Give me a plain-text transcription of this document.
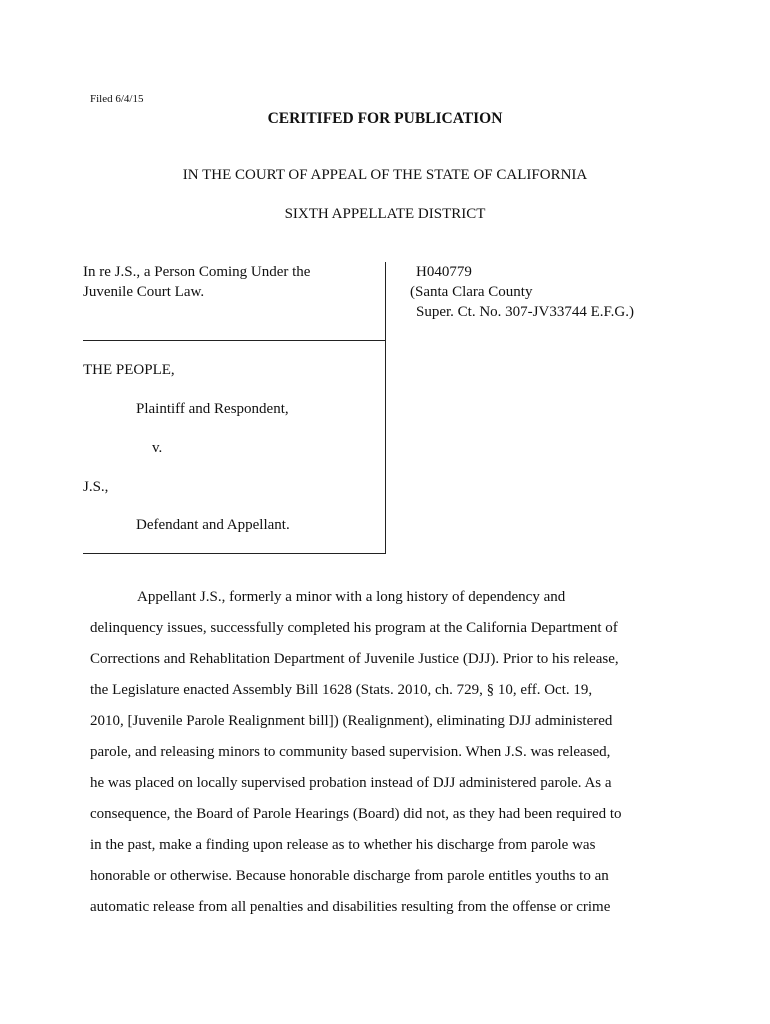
Filed 6/4/15
CERITIFED FOR PUBLICATION
IN THE COURT OF APPEAL OF THE STATE OF CALIFORNIA
SIXTH APPELLATE DISTRICT
In re J.S., a Person Coming Under the
Juvenile Court Law.
THE PEOPLE,
Plaintiff and Respondent,
v.
J.S.,
Defendant and Appellant.
H040779
(Santa Clara County
Super. Ct. No. 307-JV33744 E.F.G.)
Appellant J.S., formerly a minor with a long history of dependency and
delinquency issues, successfully completed his program at the California Department of
Corrections and Rehablitation Department of Juvenile Justice (DJJ). Prior to his release,
the Legislature enacted Assembly Bill 1628 (Stats. 2010, ch. 729, § 10, eff. Oct. 19,
2010, [Juvenile Parole Realignment bill]) (Realignment), eliminating DJJ administered
parole, and releasing minors to community based supervision. When J.S. was released,
he was placed on locally supervised probation instead of DJJ administered parole. As a
consequence, the Board of Parole Hearings (Board) did not, as they had been required to
in the past, make a finding upon release as to whether his discharge from parole was
honorable or otherwise. Because honorable discharge from parole entitles youths to an
automatic release from all penalties and disabilities resulting from the offense or crime
